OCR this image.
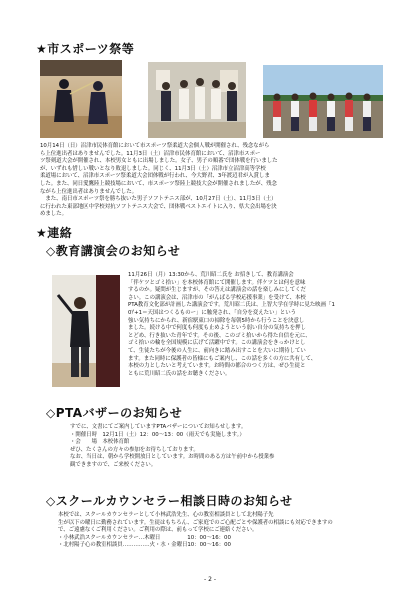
★市スポーツ祭等
10月14日（日）沼津市民体育館において市スポーツ祭柔道大会個人戦が開催され、残念ながら
ら上位進出者はありませんでした。11月3日（土）沼津市民体育館において、沼津市スポー
ツ祭剣道大会が開催され、本校男女ともに出場しました。女子、男子の順番で団体戦を行いました
が、いずれも惜しい戦いとなり敗退しました。同じく、11月3日（土）沼津市立沼津高等学校
柔道場において、沼津市スポーツ祭柔道大会団体戦が行われ、今大野君、3年渡辺君が入賞しま
した。また、同日愛鷹陸上競技場において、市スポーツ祭陸上競技大会が開催されましたが、残念
ながら上位進出者はありませんでした。
　また、南日市スポーツ祭を勝ち抜いた男子ソフトテニス部が、10月27日（土）、11月3日（土）
に行われた東部地区中学校対抗ソフトテニス大会で、団体戦ベストエイトに入り、県大会出場を決
めました。
★連絡
◇教育講演会のお知らせ
11月26日（月）13:30から、荒川昭二氏を お招きして、教育講演会
「伴ケツとゴミ拾い」を本校体育館にて開催します。伴ケツとは何を意味
するのか。疑問が生じますが、その答えは講演会の話を楽しみにしてくだ
さい。この講演会は、沼津市の「がんばる学校応援事業」を受けて、本校
PTA教育文化部が計画した講演会です。荒川昭二氏は、上智大学在学時に見た映画「1
0ｱ+1＝天国はつくるものー」に触発され、「自分を変えたい」という
強い気持ちにかられ、新宿駅東口の掃除を毎朝5時から行うことを決意し
ました。続ける中で何度も何度も止めようという弱い自分の気持ちを押し
とどめ、行き抜いた青年です。その後、このゴミ拾いから得た自信を元に、
ゴミ拾いの輪を全国規模に広げて活躍中です。この講演会をきっかけとし
て、生徒たちが今後の人生に、前向きに踏み出すことを大いに期待してい
ます。また同時に保護者の皆様にもご案内し、この話を多くの方に共有して、
本校の力としたいと考えています。お時間の都合のつく方は、ぜひ生徒と
ともに荒川昭二氏の話をお聴きください。
◇PTAバザーのお知らせ
すでに、文書にてご案内していますPTAバザーについてお知らせします。
・開催日時　12月1日（土）12：00～13：00（雨天でも実施します。）
・会　　場　本校体育館
ぜひ、たくさんの方々の参加をお待ちしております。
なお、当日は、朝から学校開放日としています。お時間のある方は午前中から授業参
観できますので、ご来校ください。
◇スクールカウンセラー相談日時のお知らせ
本校では、スクールカウンセラーとして小林武浩先生、心の教室相談員として北村陽子先
生が以下の曜日に勤務されています。生徒はもちろん、ご家庭でのご心配ごとや保護者の相談にも対応できますの
で、ご遠慮なくご利用ください。ご利用の際は、前もって学校にご連絡ください。
・小林武浩スクールカウンセラー…木曜日　　　　　10：00～16：00
・北村陽子心の教室相談員……………火・水・金曜日10：00～16：00
- 2 -
